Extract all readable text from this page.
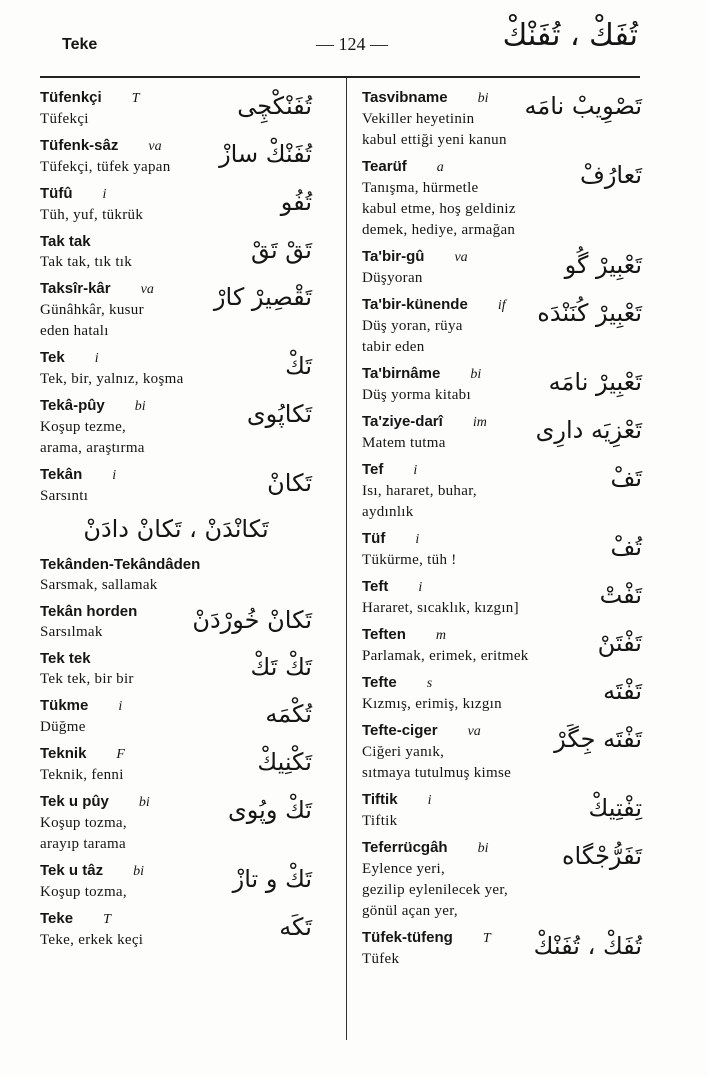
Teke	— 124 —	تُفَكْ ، تُفَنْكْ
Tüfenkçi T
Tüfekçi	تُفَنْكْچِی
Tüfenk-sâz va
Tüfekçi, tüfek yapan	تُفَنْكْ سازْ
Tüfû i
Tüh, yuf, tükrük	تُفُو
Tak tak
Tak tak, tık tık	تَقْ تَقْ
Taksîr-kâr va
Günâhkâr, kusur
eden hatalı
تَقْصِيرْ كارْ
Tek i
Tek, bir, yalnız, koşma	تَكْ
Tekâ-pûy bi
Koşup tezme,
arama, araştırma
تَكاپُوی
Tekân i
Sarsıntı	تَكانْ
تَكانْدَنْ ، تَكانْ دادَنْ
Tekânden-Tekândâden
Sarsmak, sallamak
Tekân horden
Sarsılmak	تَكانْ خُورْدَنْ
Tek tek
Tek tek, bir bir	تَكْ تَكْ
Tükme i
Düğme	تُكْمَه
Teknik F
Teknik, fenni	تَكْنِيكْ
Tek u pûy bi
Koşup tozma,
arayıp tarama
تَكْ وپُوی
Tek u tâz bi
Koşup tozma,	تَكْ و تازْ
Teke T
Teke, erkek keçi	تَكَه
Tasvibname bi
Vekiller heyetinin
kabul ettiği yeni kanun
تَصْوِيبْ نامَه
Tearüf a
Tanışma, hürmetle
kabul etme, hoş geldiniz
demek, hediye, armağan
تَعارُفْ
Ta'bir-gû va
Düşyoran	تَعْبِيرْ گُو
Ta'bir-künende if
Düş yoran, rüya
tabir eden
تَعْبِيرْ كُنَنْدَه
Ta'birnâme bi
Düş yorma kitabı	تَعْبِيرْ نامَه
Ta'ziye-darî im
Matem tutma	تَعْزِيَه دارِی
Tef i
Isı, hararet, buhar,
aydınlık
تَفْ
Tüf i
Tükürme, tüh !	تُفْ
Teft i
Hararet, sıcaklık, kızgın]	تَفْتْ
Teften m
Parlamak, erimek, eritmek	تَفْتَنْ
Tefte s
Kızmış, erimiş, kızgın	تَفْتَه
Tefte-ciger va
Ciğeri yanık,
sıtmaya tutulmuş kimse
تَفْتَه جِگَرْ
Tiftik i
Tiftik	تِفْتِيكْ
Teferrücgâh bi
Eylence yeri,
gezilip eylenilecek yer,
gönül açan yer,
تَفَرُّجْگاه
Tüfek-tüfeng T
Tüfek	تُفَكْ ، تُفَنْكْ
